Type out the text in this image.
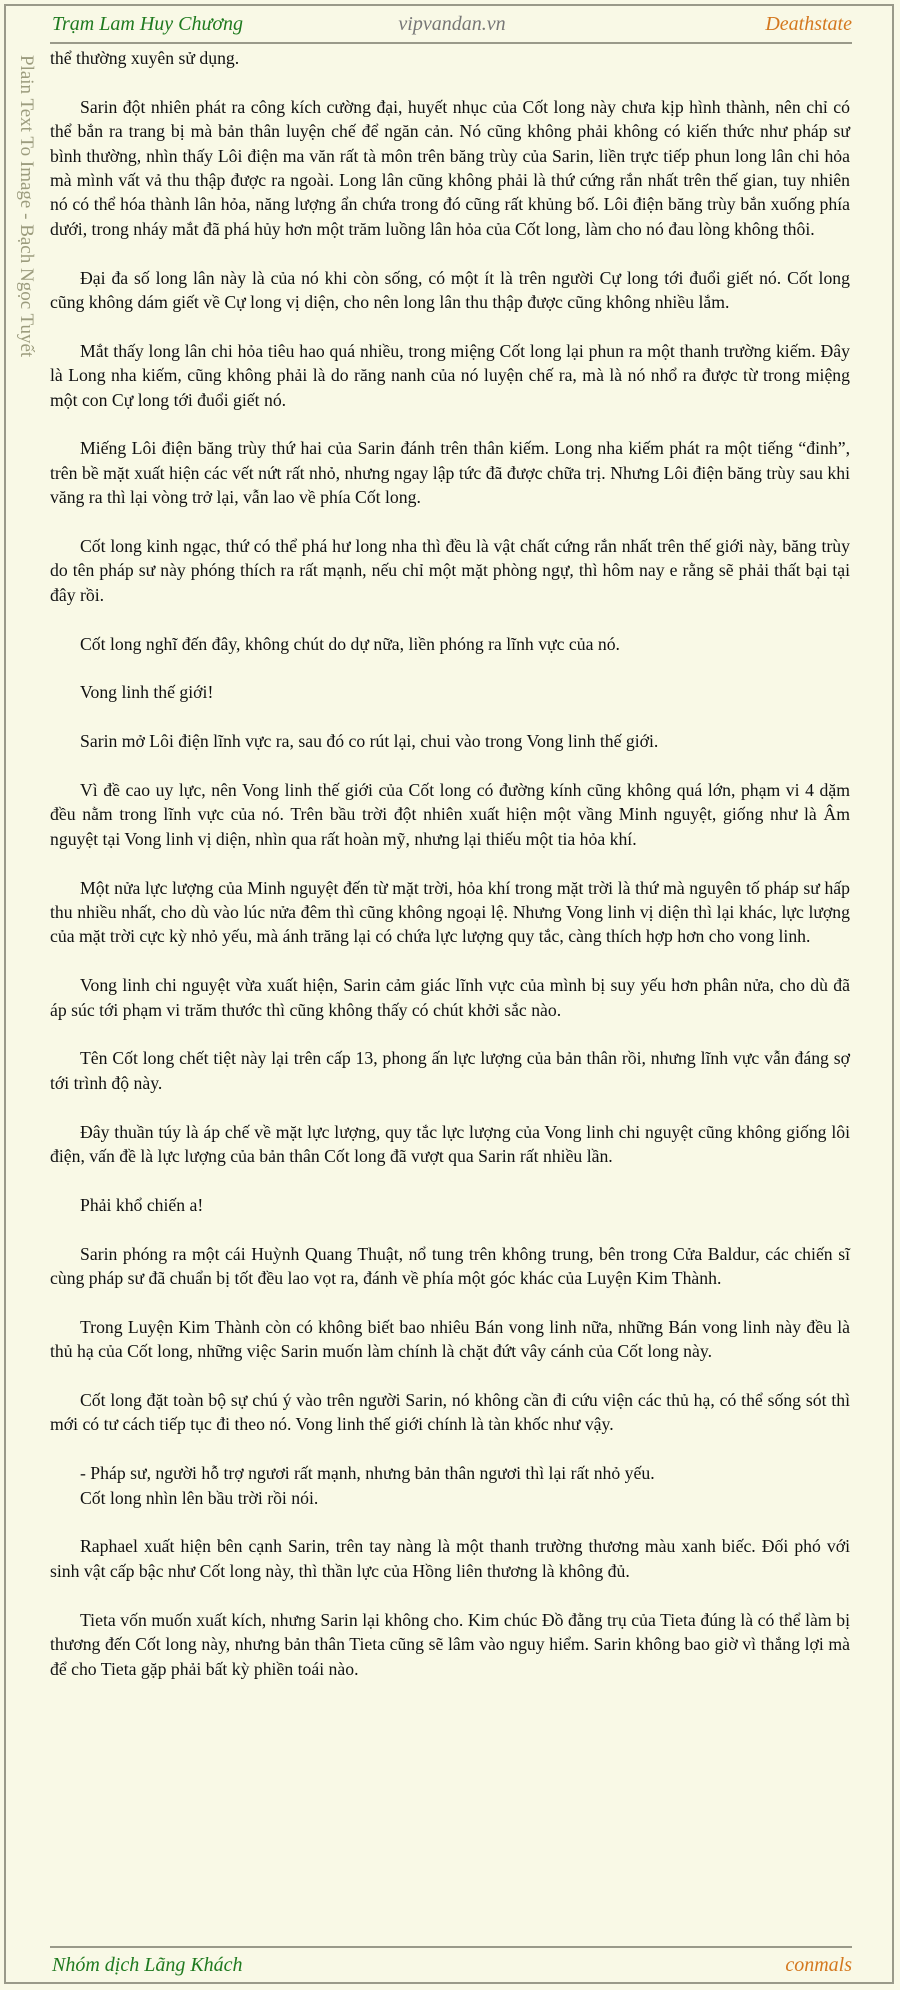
Trạm Lam Huy Chương	vipvandan.vn	Deathstate
Plain Text To Image - Bạch Ngọc Tuyết thể thường xuyên sử dụng.

Sarin đột nhiên phát ra công kích cường đại, huyết nhục của Cốt long này chưa kịp hình thành, nên chỉ có thể bắn ra trang bị mà bản thân luyện chế để ngăn cản. Nó cũng không phải không có kiến thức như pháp sư bình thường, nhìn thấy Lôi điện ma văn rất tà môn trên băng trùy của Sarin, liền trực tiếp phun long lân chi hỏa mà mình vất vả thu thập được ra ngoài. Long lân cũng không phải là thứ cứng rắn nhất trên thế gian, tuy nhiên nó có thể hóa thành lân hỏa, năng lượng ẩn chứa trong đó cũng rất khủng bố. Lôi điện băng trùy bắn xuống phía dưới, trong nháy mắt đã phá hủy hơn một trăm luồng lân hỏa của Cốt long, làm cho nó đau lòng không thôi.

Đại đa số long lân này là của nó khi còn sống, có một ít là trên người Cự long tới đuổi giết nó. Cốt long cũng không dám giết về Cự long vị diện, cho nên long lân thu thập được cũng không nhiều lắm.

Mắt thấy long lân chi hỏa tiêu hao quá nhiều, trong miệng Cốt long lại phun ra một thanh trường kiếm. Đây là Long nha kiếm, cũng không phải là do răng nanh của nó luyện chế ra, mà là nó nhổ ra được từ trong miệng một con Cự long tới đuổi giết nó.

Miếng Lôi điện băng trùy thứ hai của Sarin đánh trên thân kiếm. Long nha kiếm phát ra một tiếng “đinh”, trên bề mặt xuất hiện các vết nứt rất nhỏ, nhưng ngay lập tức đã được chữa trị. Nhưng Lôi điện băng trùy sau khi văng ra thì lại vòng trở lại, vẫn lao về phía Cốt long.

Cốt long kinh ngạc, thứ có thể phá hư long nha thì đều là vật chất cứng rắn nhất trên thế giới này, băng trùy do tên pháp sư này phóng thích ra rất mạnh, nếu chỉ một mặt phòng ngự, thì hôm nay e rằng sẽ phải thất bại tại đây rồi.

Cốt long nghĩ đến đây, không chút do dự nữa, liền phóng ra lĩnh vực của nó.

Vong linh thế giới!

Sarin mở Lôi điện lĩnh vực ra, sau đó co rút lại, chui vào trong Vong linh thế giới.

Vì đề cao uy lực, nên Vong linh thế giới của Cốt long có đường kính cũng không quá lớn, phạm vi 4 dặm đều nằm trong lĩnh vực của nó. Trên bầu trời đột nhiên xuất hiện một vầng Minh nguyệt, giống như là Âm nguyệt tại Vong linh vị diện, nhìn qua rất hoàn mỹ, nhưng lại thiếu một tia hỏa khí.

Một nửa lực lượng của Minh nguyệt đến từ mặt trời, hỏa khí trong mặt trời là thứ mà nguyên tố pháp sư hấp thu nhiều nhất, cho dù vào lúc nửa đêm thì cũng không ngoại lệ. Nhưng Vong linh vị diện thì lại khác, lực lượng của mặt trời cực kỳ nhỏ yếu, mà ánh trăng lại có chứa lực lượng quy tắc, càng thích hợp hơn cho vong linh.

Vong linh chi nguyệt vừa xuất hiện, Sarin cảm giác lĩnh vực của mình bị suy yếu hơn phân nửa, cho dù đã áp súc tới phạm vi trăm thước thì cũng không thấy có chút khởi sắc nào.

Tên Cốt long chết tiệt này lại trên cấp 13, phong ấn lực lượng của bản thân rồi, nhưng lĩnh vực vẫn đáng sợ tới trình độ này.

Đây thuần túy là áp chế về mặt lực lượng, quy tắc lực lượng của Vong linh chi nguyệt cũng không giống lôi điện, vấn đề là lực lượng của bản thân Cốt long đã vượt qua Sarin rất nhiều lần.

Phải khổ chiến a!

Sarin phóng ra một cái Huỳnh Quang Thuật, nổ tung trên không trung, bên trong Cửa Baldur, các chiến sĩ cùng pháp sư đã chuẩn bị tốt đều lao vọt ra, đánh về phía một góc khác của Luyện Kim Thành.

Trong Luyện Kim Thành còn có không biết bao nhiêu Bán vong linh nữa, những Bán vong linh này đều là thủ hạ của Cốt long, những việc Sarin muốn làm chính là chặt đứt vây cánh của Cốt long này.

Cốt long đặt toàn bộ sự chú ý vào trên người Sarin, nó không cần đi cứu viện các thủ hạ, có thể sống sót thì mới có tư cách tiếp tục đi theo nó. Vong linh thế giới chính là tàn khốc như vậy.

- Pháp sư, người hỗ trợ ngươi rất mạnh, nhưng bản thân ngươi thì lại rất nhỏ yếu.
Cốt long nhìn lên bầu trời rồi nói.

Raphael xuất hiện bên cạnh Sarin, trên tay nàng là một thanh trường thương màu xanh biếc. Đối phó với sinh vật cấp bậc như Cốt long này, thì thần lực của Hồng liên thương là không đủ.

Tieta vốn muốn xuất kích, nhưng Sarin lại không cho. Kim chúc Đồ đằng trụ của Tieta đúng là có thể làm bị thương đến Cốt long này, nhưng bản thân Tieta cũng sẽ lâm vào nguy hiểm. Sarin không bao giờ vì thắng lợi mà để cho Tieta gặp phải bất kỳ phiền toái nào.

Nhóm dịch Lãng Khách	conmals
